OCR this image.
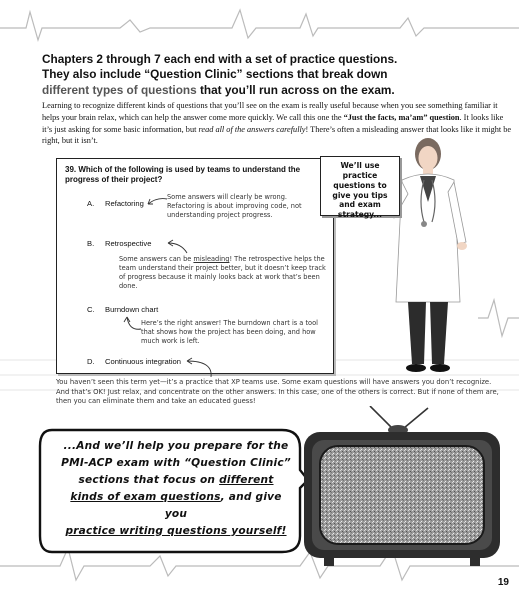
Chapters 2 through 7 each end with a set of practice questions.
They also include “Question Clinic” sections that break down
different types of questions that you’ll run across on the exam.
Learning to recognize different kinds of questions that you’ll see on the exam is really useful because when you see something familiar it helps your brain relax, which can help the answer come more quickly. We call this one the “Just the facts, ma’am” question. It looks like it’s just asking for some basic information, but read all of the answers carefully! There’s often a misleading answer that looks like it might be right, but it isn’t.
39. Which of the following is used by teams to understand the progress of their project?
A. Refactoring
Some answers will clearly be wrong. Refactoring is about improving code, not understanding project progress.
B. Retrospective
Some answers can be misleading! The retrospective helps the team understand their project better, but it doesn’t keep track of progress because it mainly looks back at work that’s been done.
C. Burndown chart
Here’s the right answer! The burndown chart is a tool that shows how the project has been doing, and how much work is left.
D. Continuous integration
You haven’t seen this term yet—it’s a practice that XP teams use. Some exam questions will have answers you don’t recognize. And that’s OK! Just relax, and concentrate on the other answers. In this case, one of the others is correct. But if none of them are, then you can eliminate them and take an educated guess!
We’ll use practice questions to give you tips and exam strategy...
...And we’ll help you prepare for the
PMI-ACP exam with “Question Clinic”
sections that focus on different
kinds of exam questions, and give you
practice writing questions yourself!
19
